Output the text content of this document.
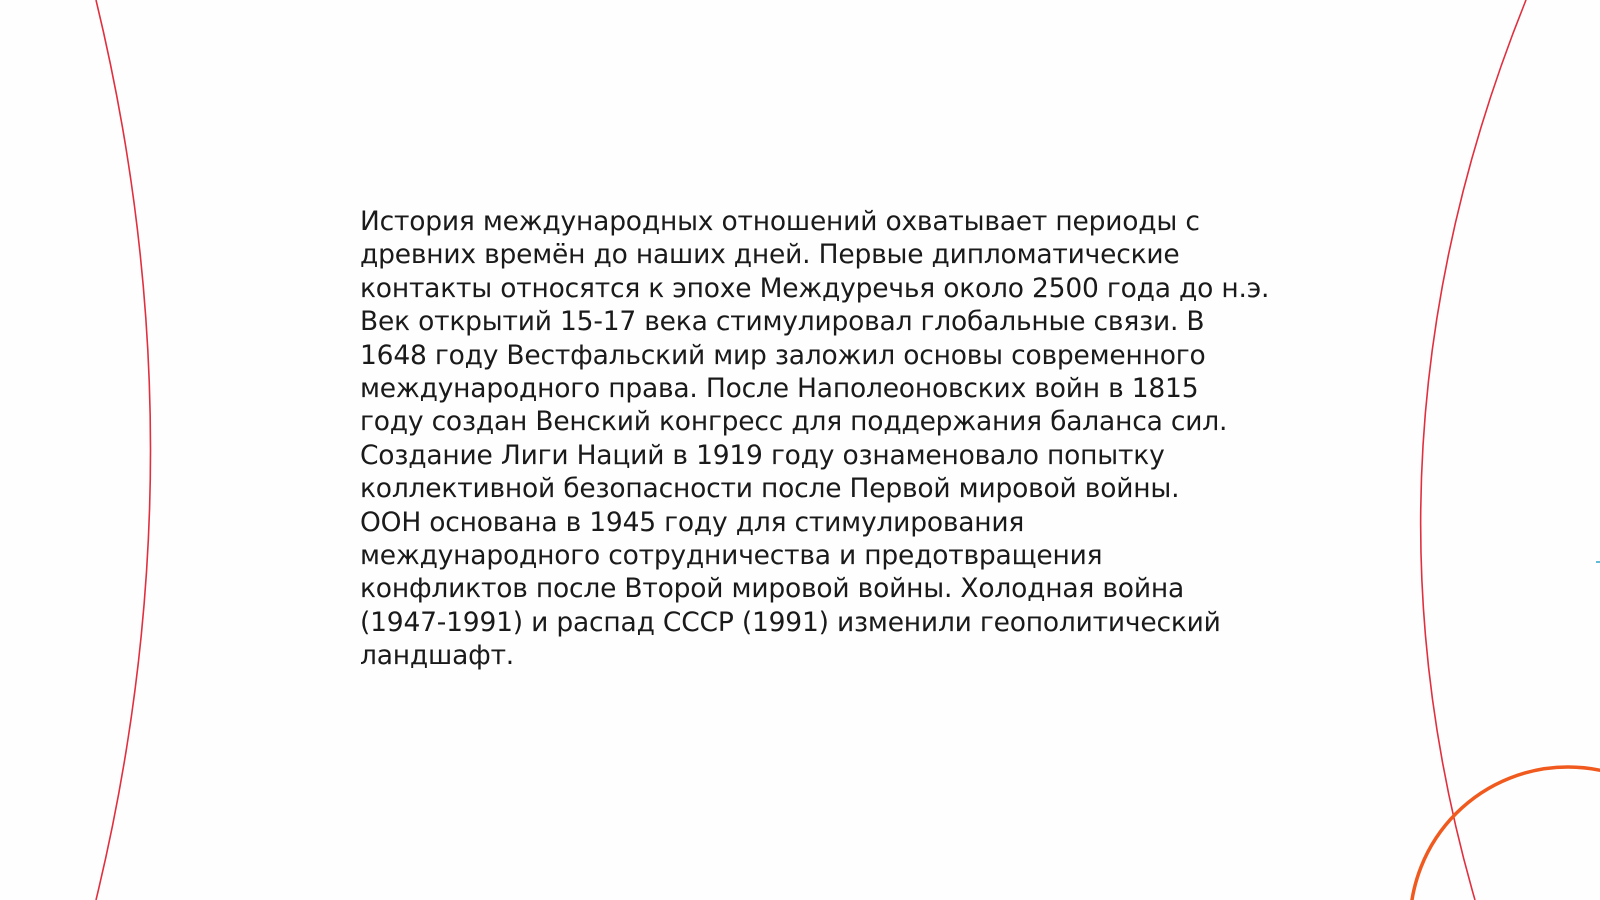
История международных отношений охватывает периоды с
древних времён до наших дней. Первые дипломатические
контакты относятся к эпохе Междуречья около 2500 года до н.э.
Век открытий 15-17 века стимулировал глобальные связи. В
1648 году Вестфальский мир заложил основы современного
международного права. После Наполеоновских войн в 1815
году создан Венский конгресс для поддержания баланса сил.
Создание Лиги Наций в 1919 году ознаменовало попытку
коллективной безопасности после Первой мировой войны.
ООН основана в 1945 году для стимулирования
международного сотрудничества и предотвращения
конфликтов после Второй мировой войны. Холодная война
(1947-1991) и распад СССР (1991) изменили геополитический
ландшафт.
